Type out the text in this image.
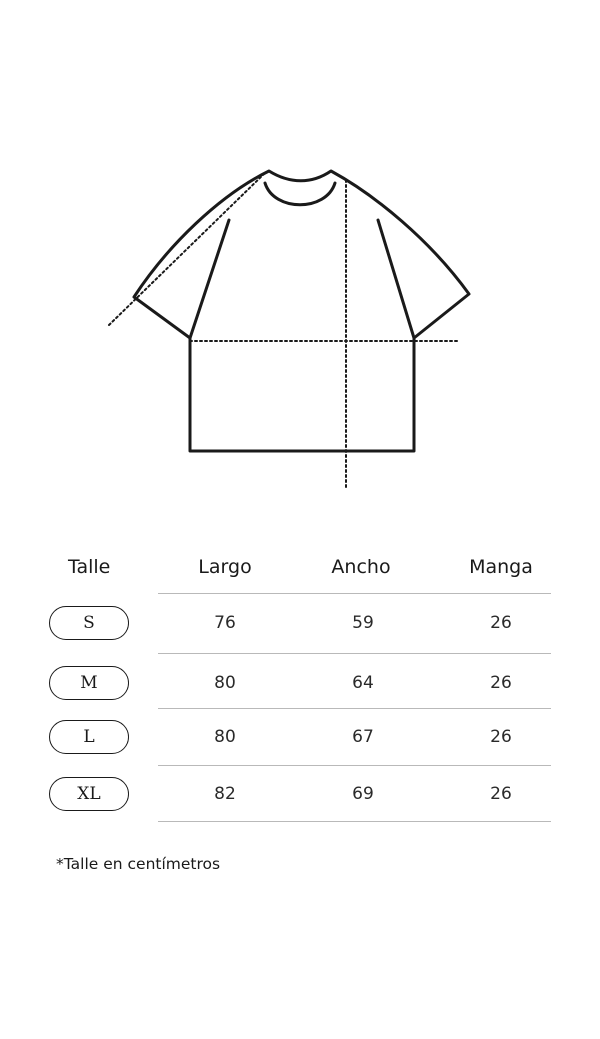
Talle	Largo	Ancho	Manga
S	76	59	26
M	80	64	26
L	80	67	26
XL	82	69	26
*Talle en centímetros
